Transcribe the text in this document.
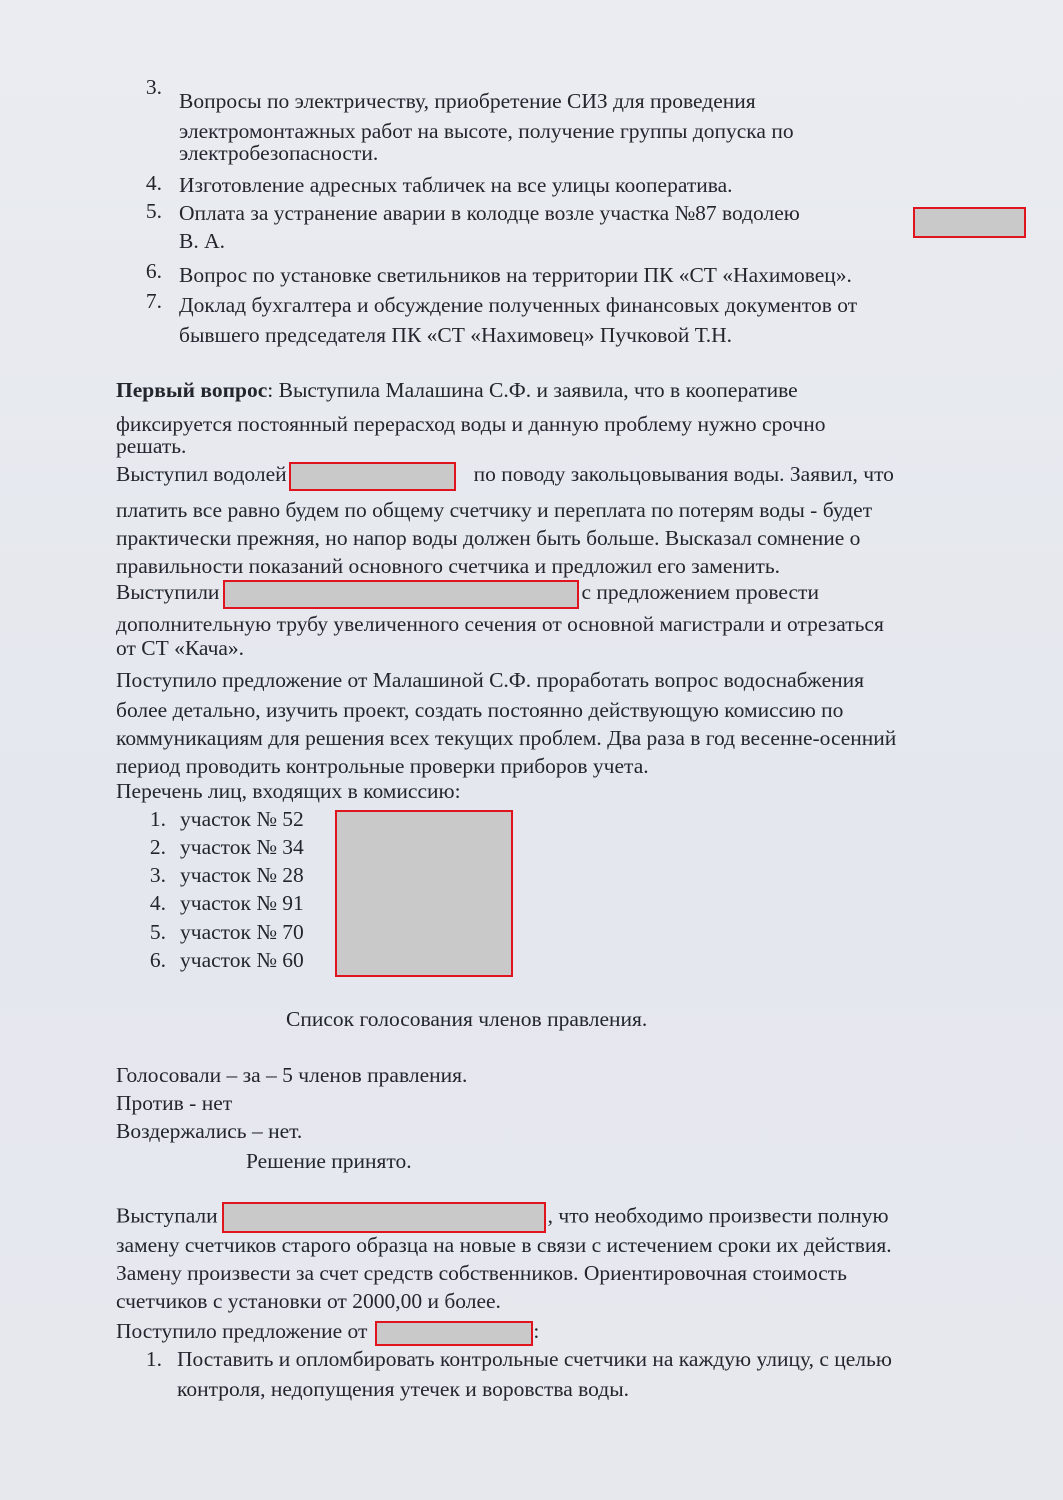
3.
Вопросы по электричеству, приобретение СИЗ для проведения
электромонтажных работ на высоте, получение группы допуска по
электробезопасности.
4. Изготовление адресных табличек на все улицы кооператива.
5. Оплата за устранение аварии в колодце возле участка №87 водолею
В. А.
6. Вопрос по установке светильников на территории ПК «СТ «Нахимовец».
7. Доклад бухгалтера и обсуждение полученных финансовых документов от
бывшего председателя ПК «СТ «Нахимовец» Пучковой Т.Н.
Первый вопрос: Выступила Малашина С.Ф. и заявила, что в кооперативе
фиксируется постоянный перерасход воды и данную проблему нужно срочно
решать.
Выступил водолей	по поводу закольцовывания воды. Заявил, что
платить все равно будем по общему счетчику и переплата по потерям воды - будет
практически прежняя, но напор воды должен быть больше. Высказал сомнение о
правильности показаний основного счетчика и предложил его заменить.
Выступили	с предложением провести
дополнительную трубу увеличенного сечения от основной магистрали и отрезаться
от СТ «Кача».
Поступило предложение от Малашиной С.Ф. проработать вопрос водоснабжения
более детально, изучить проект, создать постоянно действующую комиссию по
коммуникациям для решения всех текущих проблем. Два раза в год весенне-осенний
период проводить контрольные проверки приборов учета.
Перечень лиц, входящих в комиссию:
1. участок № 52
2. участок № 34
3. участок № 28
4. участок № 91
5. участок № 70
6. участок № 60
Список голосования членов правления.
Голосовали – за – 5 членов правления.
Против - нет
Воздержались – нет.
Решение принято.
Выступали	, что необходимо произвести полную
замену счетчиков старого образца на новые в связи с истечением сроки их действия.
Замену произвести за счет средств собственников. Ориентировочная стоимость
счетчиков с установки от 2000,00 и более.
Поступило предложение от	:
1. Поставить и опломбировать контрольные счетчики на каждую улицу, с целью
контроля, недопущения утечек и воровства воды.
